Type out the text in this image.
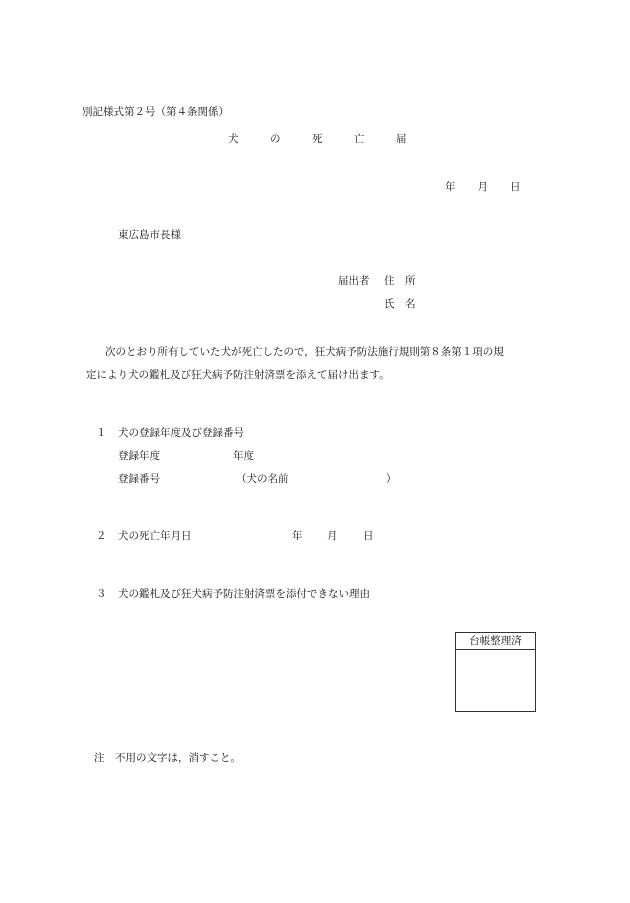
別記様式第２号（第４条関係）
犬	の	死	亡	届
年 月 日
東広島市長様
届出者 住　所
氏　名
次のとおり所有していた犬が死亡したので，狂犬病予防法施行規則第８条第１項の規
定により犬の鑑札及び狂犬病予防注射済票を添えて届け出ます。
１ 犬の登録年度及び登録番号
登録年度	年度
登録番号	（犬の名前	）
２ 犬の死亡年月日	年 月 日
３ 犬の鑑札及び狂犬病予防注射済票を添付できない理由
台帳整理済
注　不用の文字は，消すこと。
